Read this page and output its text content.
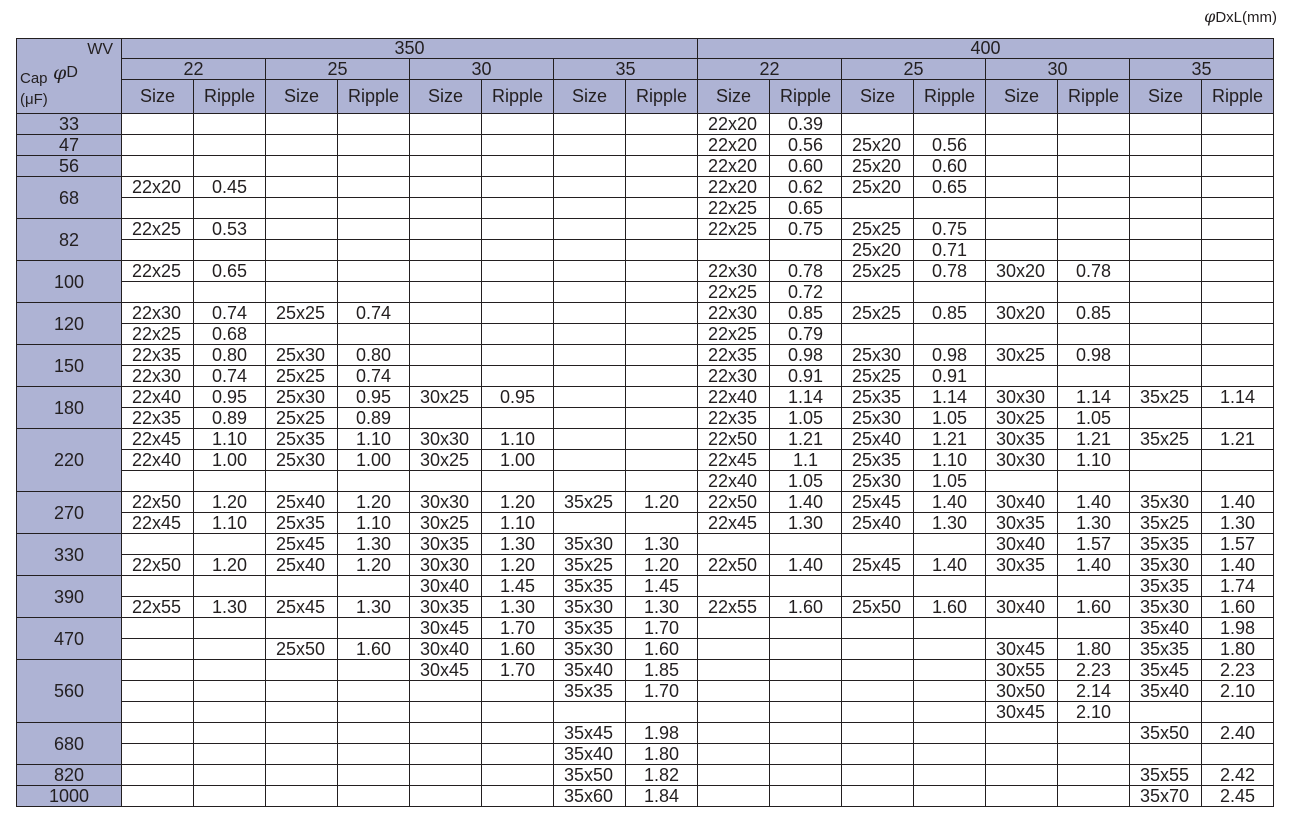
φDxL(mm)
WV
φ D
Cap
(μF)	350								400							
	22		25		30		35		22		25		30		35	
	Size	Ripple	Size	Ripple	Size	Ripple	Size	Ripple	Size	Ripple	Size	Ripple	Size	Ripple	Size	Ripple
33									22x20	0.39						
47									22x20	0.56	25x20	0.56				
56									22x20	0.60	25x20	0.60				
68	22x20	0.45							22x20	0.62	25x20	0.65				
									22x25	0.65						
82	22x25	0.53							22x25	0.75	25x25	0.75				
											25x20	0.71				
100	22x25	0.65							22x30	0.78	25x25	0.78	30x20	0.78		
									22x25	0.72						
120	22x30	0.74	25x25	0.74					22x30	0.85	25x25	0.85	30x20	0.85		
	22x25	0.68							22x25	0.79						
150	22x35	0.80	25x30	0.80					22x35	0.98	25x30	0.98	30x25	0.98		
	22x30	0.74	25x25	0.74					22x30	0.91	25x25	0.91				
180	22x40	0.95	25x30	0.95	30x25	0.95			22x40	1.14	25x35	1.14	30x30	1.14	35x25	1.14
	22x35	0.89	25x25	0.89					22x35	1.05	25x30	1.05	30x25	1.05		
220	22x45	1.10	25x35	1.10	30x30	1.10			22x50	1.21	25x40	1.21	30x35	1.21	35x25	1.21
	22x40	1.00	25x30	1.00	30x25	1.00			22x45	1.1	25x35	1.10	30x30	1.10		
									22x40	1.05	25x30	1.05				
270	22x50	1.20	25x40	1.20	30x30	1.20	35x25	1.20	22x50	1.40	25x45	1.40	30x40	1.40	35x30	1.40
	22x45	1.10	25x35	1.10	30x25	1.10			22x45	1.30	25x40	1.30	30x35	1.30	35x25	1.30
330			25x45	1.30	30x35	1.30	35x30	1.30					30x40	1.57	35x35	1.57
	22x50	1.20	25x40	1.20	30x30	1.20	35x25	1.20	22x50	1.40	25x45	1.40	30x35	1.40	35x30	1.40
390					30x40	1.45	35x35	1.45							35x35	1.74
	22x55	1.30	25x45	1.30	30x35	1.30	35x30	1.30	22x55	1.60	25x50	1.60	30x40	1.60	35x30	1.60
470					30x45	1.70	35x35	1.70							35x40	1.98
			25x50	1.60	30x40	1.60	35x30	1.60					30x45	1.80	35x35	1.80
560					30x45	1.70	35x40	1.85					30x55	2.23	35x45	2.23
							35x35	1.70					30x50	2.14	35x40	2.10
													30x45	2.10		
680							35x45	1.98							35x50	2.40
							35x40	1.80								
820							35x50	1.82							35x55	2.42
1000							35x60	1.84							35x70	2.45
